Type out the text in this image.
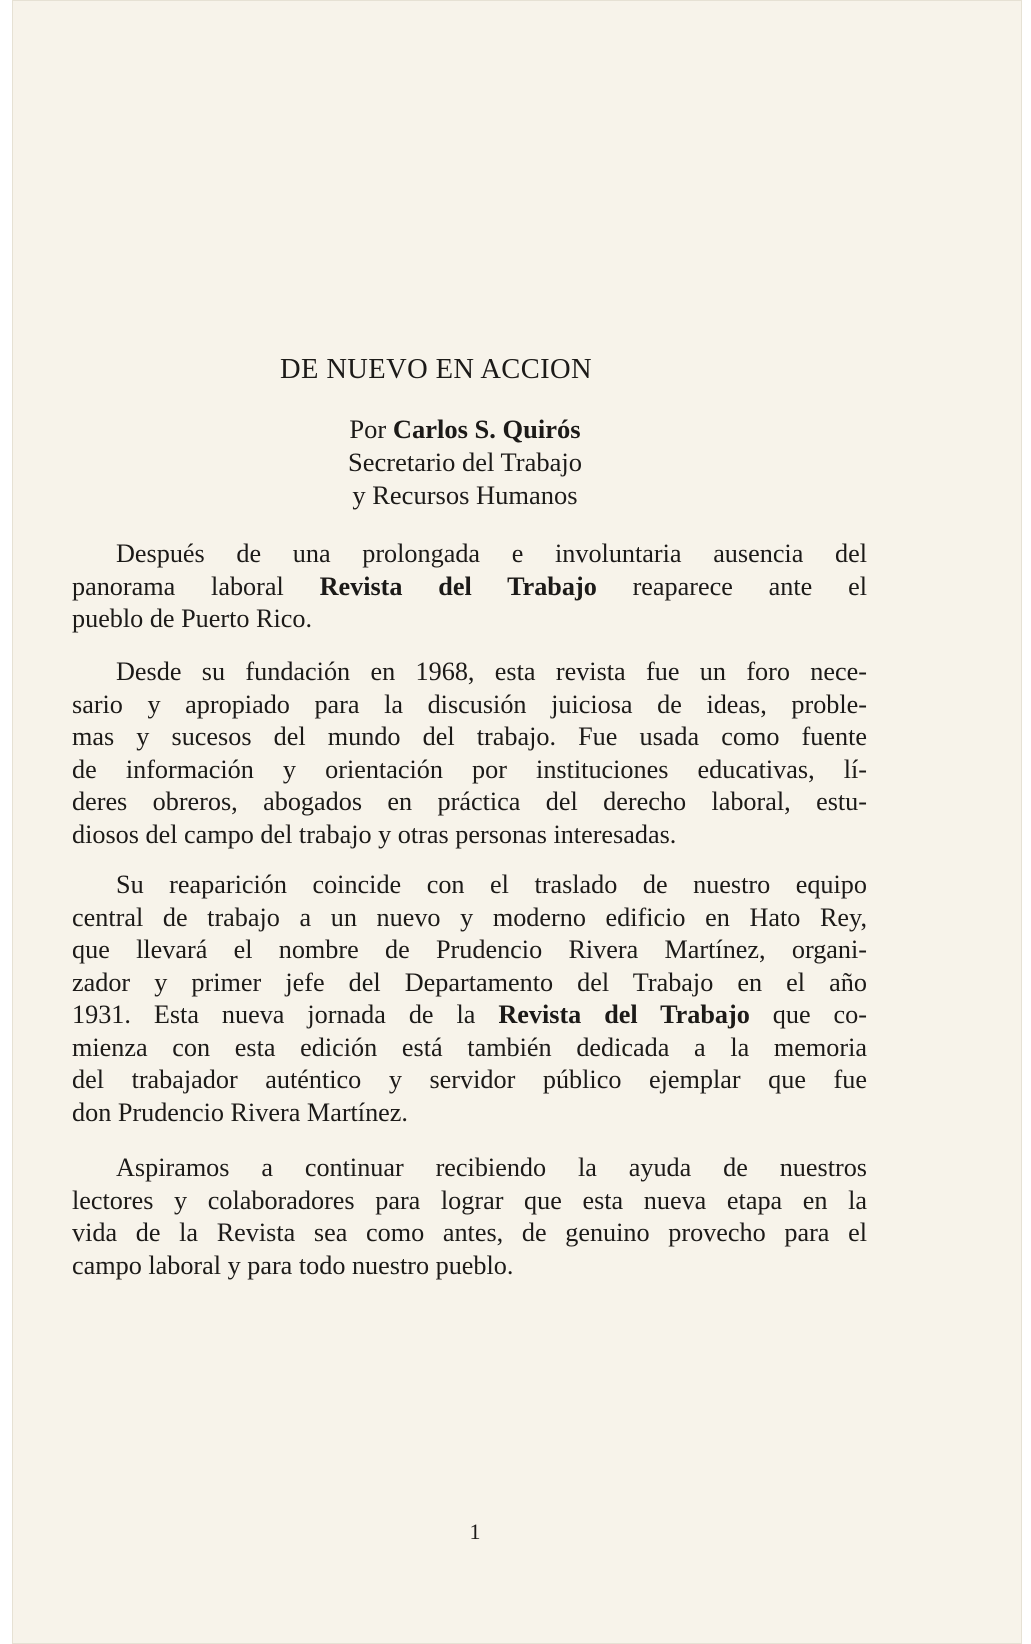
DE NUEVO EN ACCION

Por Carlos S. Quirós

Secretario del Trabajo

y Recursos Humanos

Después de una prolongada e involuntaria ausencia del
panorama laboral Revista del Trabajo reaparece ante el
pueblo de Puerto Rico.
Desde su fundación en 1968, esta revista fue un foro nece-
sario y apropiado para la discusión juiciosa de ideas, proble-
mas y sucesos del mundo del trabajo. Fue usada como fuente
de información y orientación por instituciones educativas, lí-
deres obreros, abogados en práctica del derecho laboral, estu-
diosos del campo del trabajo y otras personas interesadas.
Su reaparición coincide con el traslado de nuestro equipo
central de trabajo a un nuevo y moderno edificio en Hato Rey,
que llevará el nombre de Prudencio Rivera Martínez, organi-
zador y primer jefe del Departamento del Trabajo en el año
1931. Esta nueva jornada de la Revista del Trabajo que co-
mienza con esta edición está también dedicada a la memoria
del trabajador auténtico y servidor público ejemplar que fue
don Prudencio Rivera Martínez.
Aspiramos a continuar recibiendo la ayuda de nuestros
lectores y colaboradores para lograr que esta nueva etapa en la
vida de la Revista sea como antes, de genuino provecho para el
campo laboral y para todo nuestro pueblo.

1
